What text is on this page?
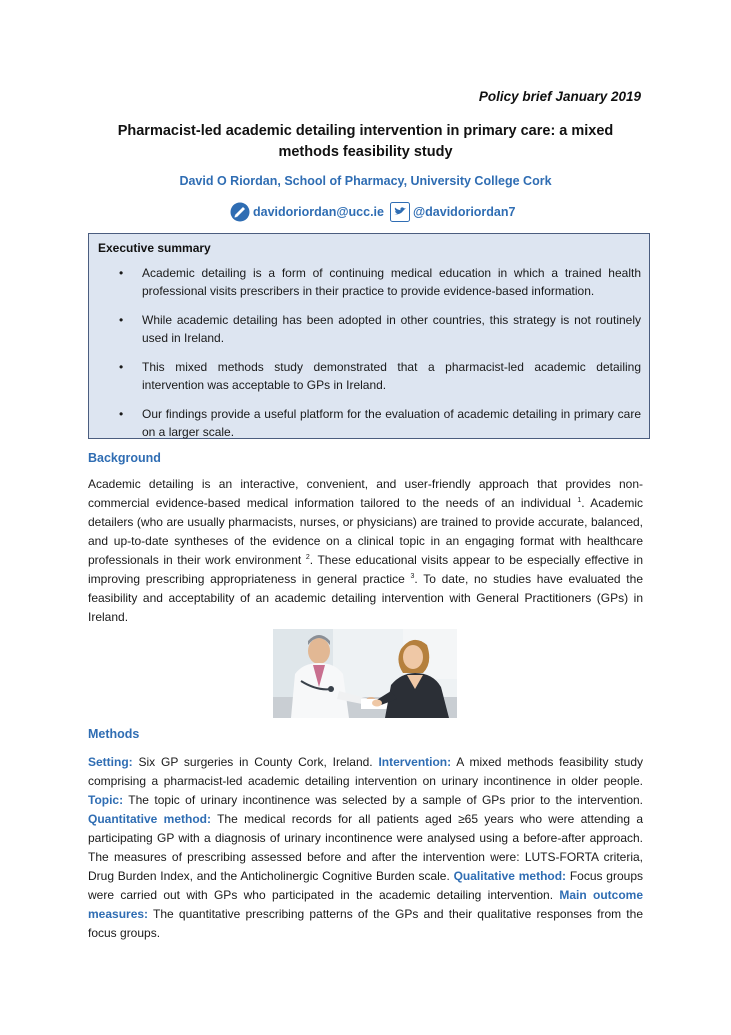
Policy brief January 2019
Pharmacist-led academic detailing intervention in primary care: a mixed
methods feasibility study
David O Riordan, School of Pharmacy, University College Cork
davidoriordan@ucc.ie @davidoriordan7
Executive summary
• Academic detailing is a form of continuing medical education in which a trained health professional visits prescribers in their practice to provide evidence-based information.
• While academic detailing has been adopted in other countries, this strategy is not routinely used in Ireland.
• This mixed methods study demonstrated that a pharmacist-led academic detailing intervention was acceptable to GPs in Ireland.
• Our findings provide a useful platform for the evaluation of academic detailing in primary care on a larger scale.
Background
Academic detailing is an interactive, convenient, and user-friendly approach that provides non-commercial evidence-based medical information tailored to the needs of an individual $^1$. Academic detailers (who are usually pharmacists, nurses, or physicians) are trained to provide accurate, balanced, and up-to-date syntheses of the evidence on a clinical topic in an engaging format with healthcare professionals in their work environment $^2$. These educational visits appear to be especially effective in improving prescribing appropriateness in general practice $^3$. To date, no studies have evaluated the feasibility and acceptability of an academic detailing intervention with General Practitioners (GPs) in Ireland.
Methods
Setting: Six GP surgeries in County Cork, Ireland. Intervention: A mixed methods feasibility study comprising a pharmacist-led academic detailing intervention on urinary incontinence in older people. Topic: The topic of urinary incontinence was selected by a sample of GPs prior to the intervention. Quantitative method: The medical records for all patients aged ≥65 years who were attending a participating GP with a diagnosis of urinary incontinence were analysed using a before-after approach. The measures of prescribing assessed before and after the intervention were: LUTS-FORTA criteria, Drug Burden Index, and the Anticholinergic Cognitive Burden scale. Qualitative method: Focus groups were carried out with GPs who participated in the academic detailing intervention. Main outcome measures: The quantitative prescribing patterns of the GPs and their qualitative responses from the focus groups.
